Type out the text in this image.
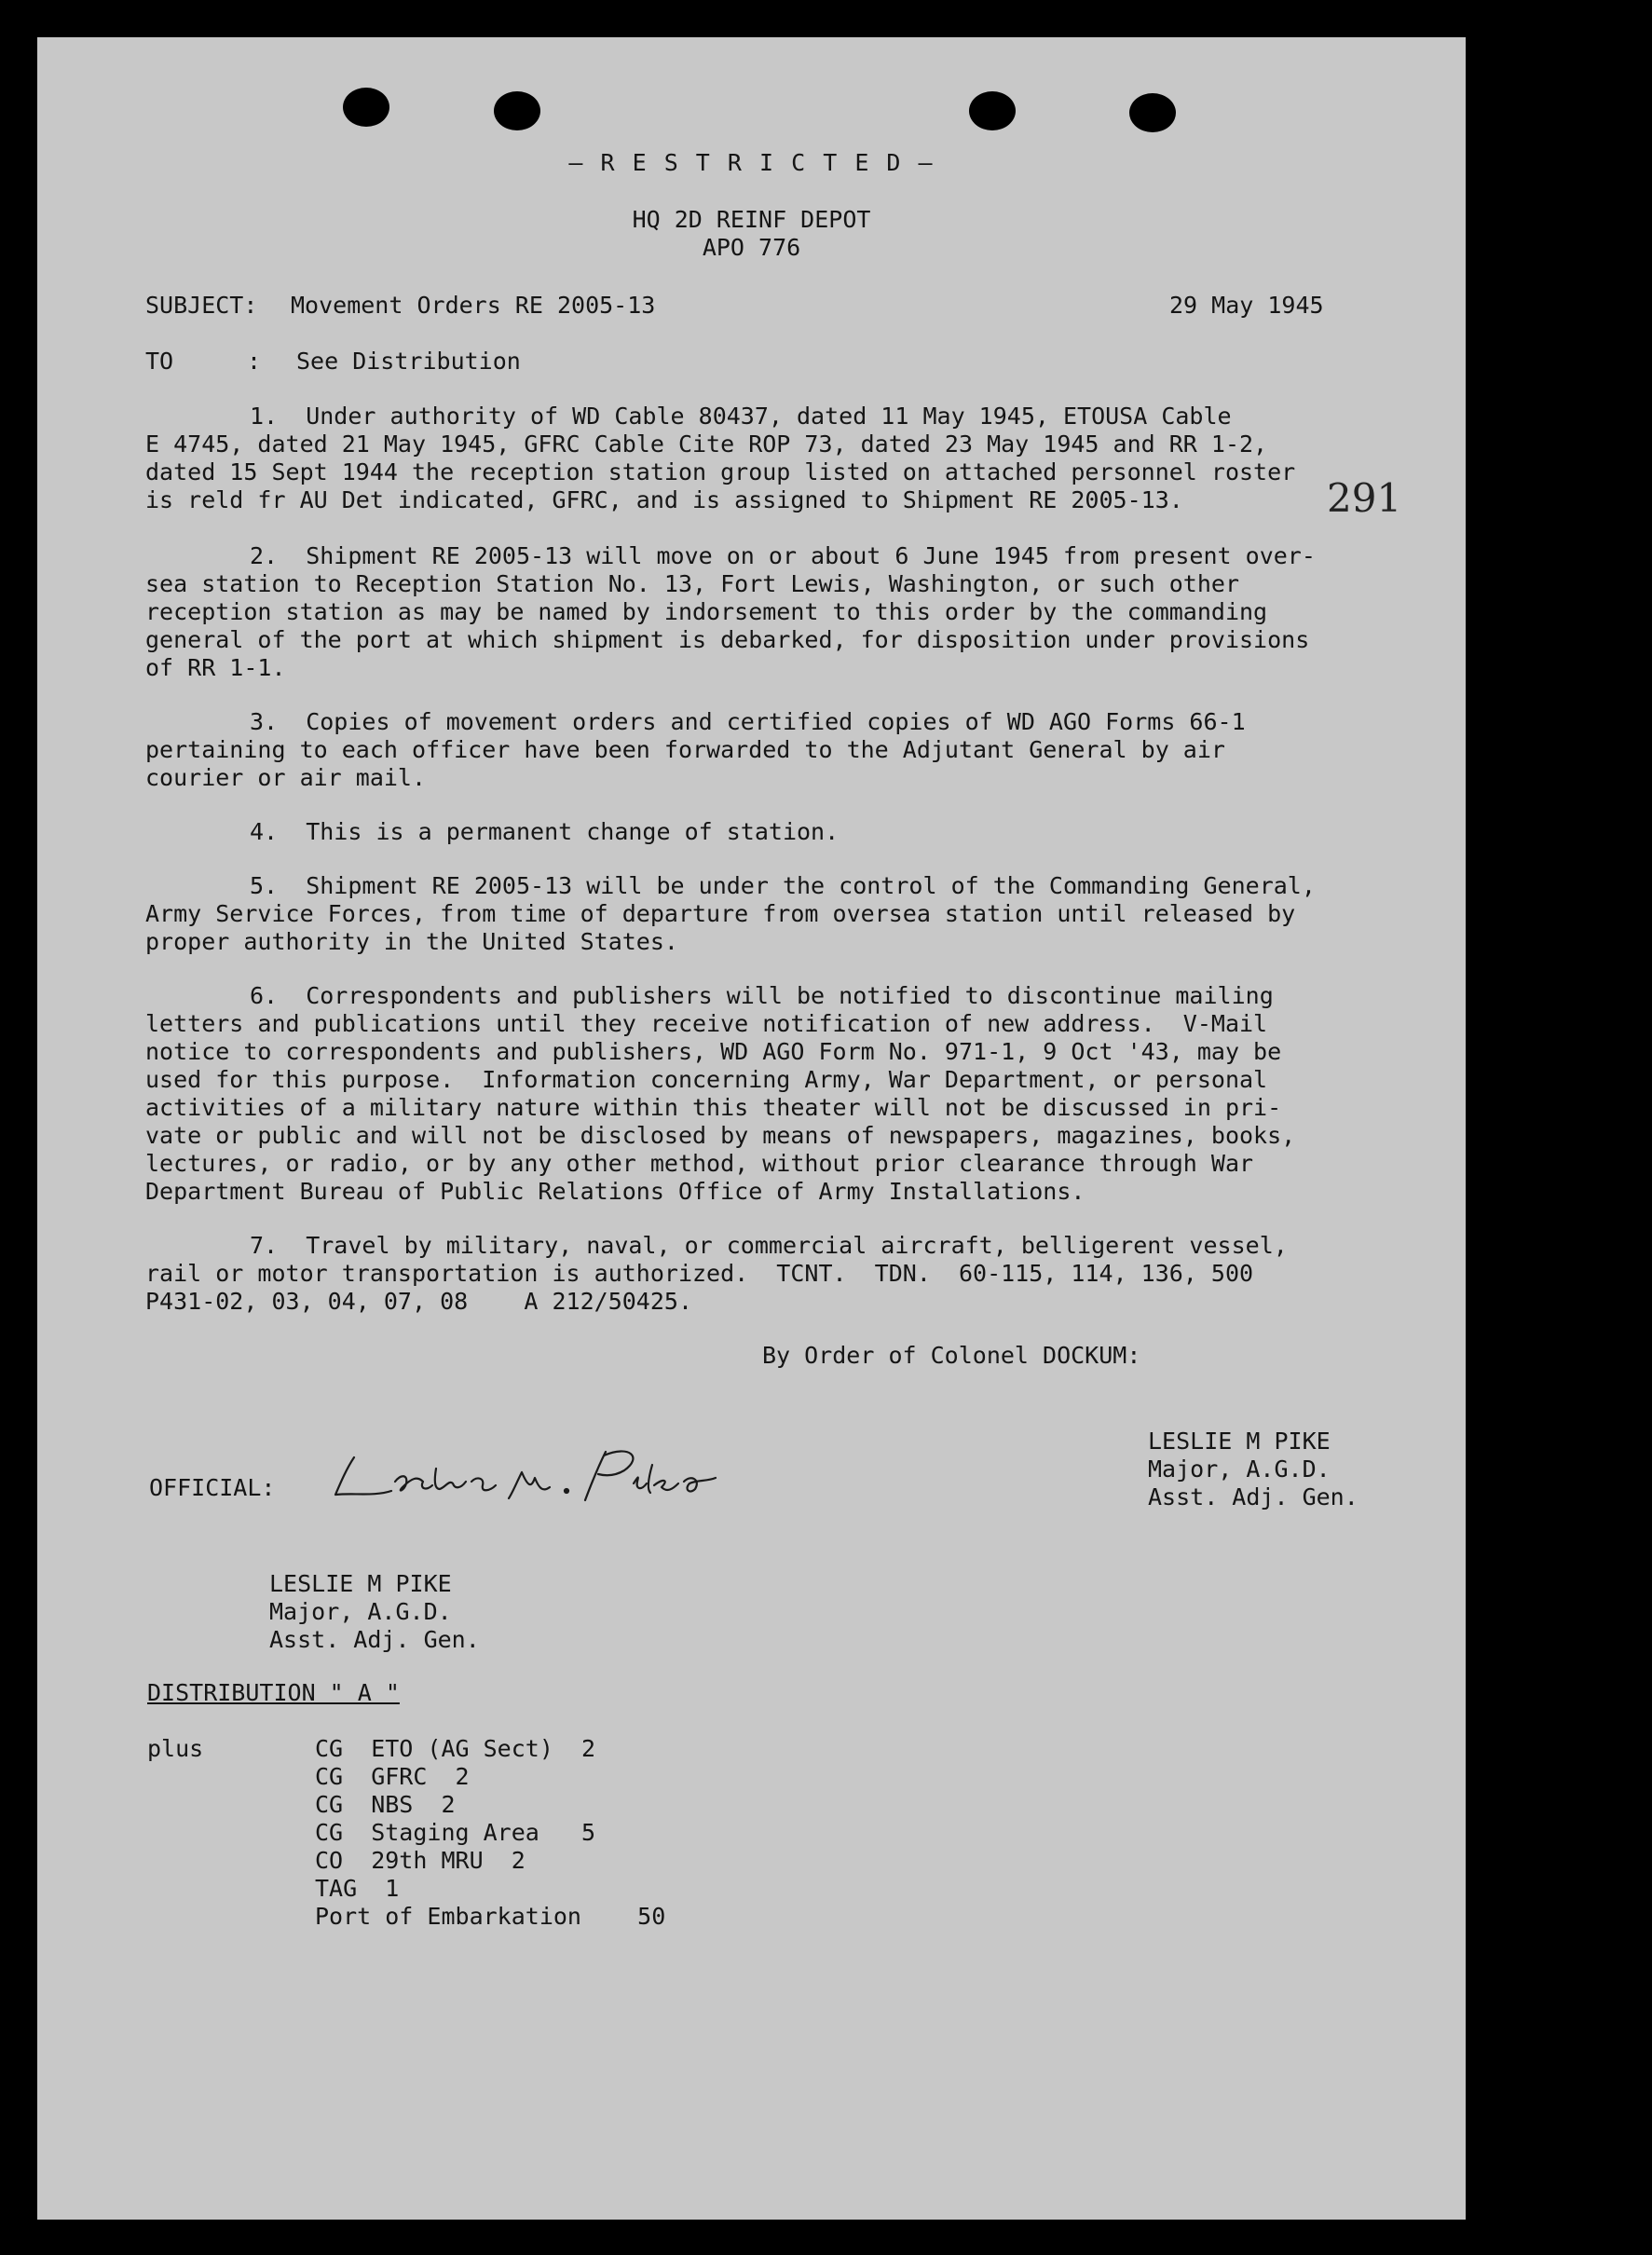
— R E S T R I C T E D —
HQ 2D REINF DEPOT
APO 776
SUBJECT: Movement Orders RE 2005-13	29 May 1945
TO	: See Distribution
1.  Under authority of WD Cable 80437, dated 11 May 1945, ETOUSA Cable
E 4745, dated 21 May 1945, GFRC Cable Cite ROP 73, dated 23 May 1945 and RR 1-2,
dated 15 Sept 1944 the reception station group listed on attached personnel roster
is reld fr AU Det indicated, GFRC, and is assigned to Shipment RE 2005-13.	291
2.  Shipment RE 2005-13 will move on or about 6 June 1945 from present over-
sea station to Reception Station No. 13, Fort Lewis, Washington, or such other
reception station as may be named by indorsement to this order by the commanding
general of the port at which shipment is debarked, for disposition under provisions
of RR 1-1.
3.  Copies of movement orders and certified copies of WD AGO Forms 66-1
pertaining to each officer have been forwarded to the Adjutant General by air
courier or air mail.
4.  This is a permanent change of station.
5.  Shipment RE 2005-13 will be under the control of the Commanding General,
Army Service Forces, from time of departure from oversea station until released by
proper authority in the United States.
6.  Correspondents and publishers will be notified to discontinue mailing
letters and publications until they receive notification of new address.  V-Mail
notice to correspondents and publishers, WD AGO Form No. 971-1, 9 Oct '43, may be
used for this purpose.  Information concerning Army, War Department, or personal
activities of a military nature within this theater will not be discussed in pri-
vate or public and will not be disclosed by means of newspapers, magazines, books,
lectures, or radio, or by any other method, without prior clearance through War
Department Bureau of Public Relations Office of Army Installations.
7.  Travel by military, naval, or commercial aircraft, belligerent vessel,
rail or motor transportation is authorized.  TCNT.  TDN.  60-115, 114, 136, 500
P431-02, 03, 04, 07, 08    A 212/50425.
By Order of Colonel DOCKUM:
LESLIE M PIKE
Major, A.G.D.
Asst. Adj. Gen.
OFFICIAL:
LESLIE M PIKE
Major, A.G.D.
Asst. Adj. Gen.
DISTRIBUTION " A "
plus	CG  ETO (AG Sect)  2
CG  GFRC  2
CG  NBS  2
CG  Staging Area   5
CO  29th MRU  2
TAG  1
Port of Embarkation    50
